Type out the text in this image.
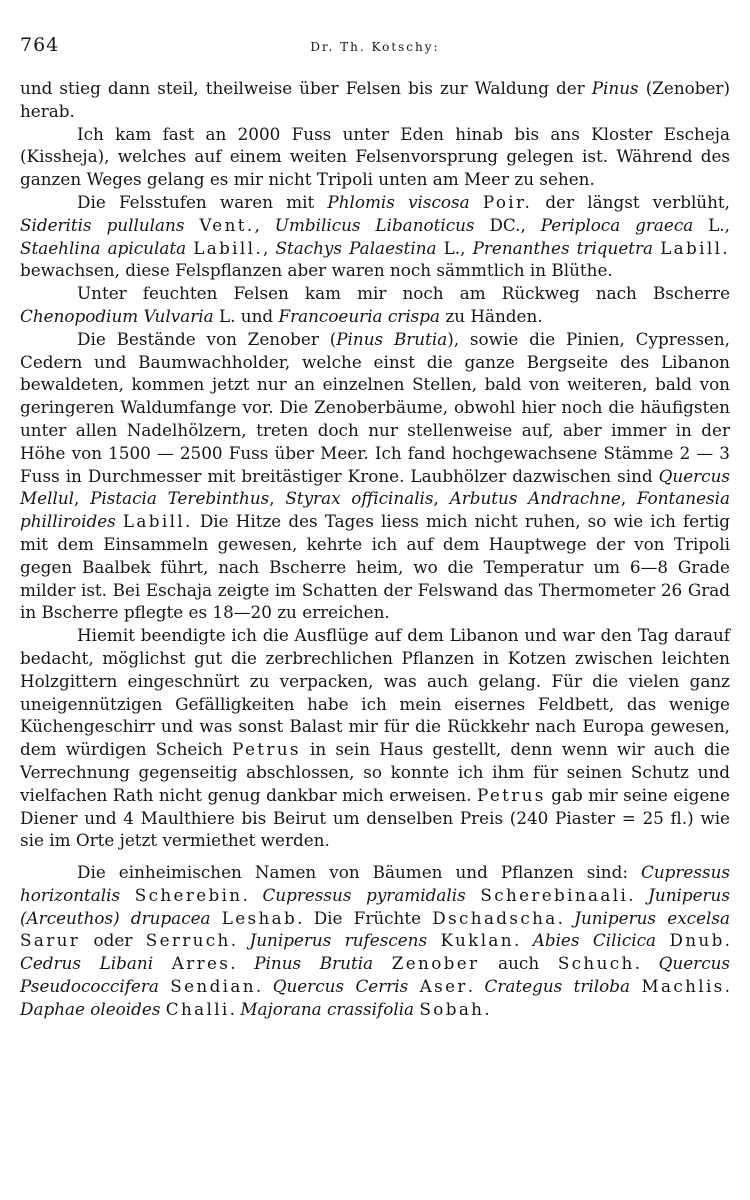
764	Dr. Th. Kotschy:

und stieg dann steil, theilweise über Felsen bis zur Waldung der Pinus (Zenober) herab.

Ich kam fast an 2000 Fuss unter Eden hinab bis ans Kloster Escheja (Kissheja), welches auf einem weiten Felsenvorsprung gelegen ist. Während des ganzen Weges gelang es mir nicht Tripoli unten am Meer zu sehen.

Die Felsstufen waren mit Phlomis viscosa Poir. der längst verblüht, Sideritis pullulans Vent., Umbilicus Libanoticus DC., Periploca graeca L., Staehlina apiculata Labill., Stachys Palaestina L., Prenanthes triquetra Labill. bewachsen, diese Felspflanzen aber waren noch sämmtlich in Blüthe.

Unter feuchten Felsen kam mir noch am Rückweg nach Bscherre Chenopodium Vulvaria L. und Francoeuria crispa zu Händen.

Die Bestände von Zenober (Pinus Brutia), sowie die Pinien, Cypressen, Cedern und Baumwachholder, welche einst die ganze Bergseite des Libanon bewaldeten, kommen jetzt nur an einzelnen Stellen, bald von weiteren, bald von geringeren Waldumfange vor. Die Zenoberbäume, obwohl hier noch die häufigsten unter allen Nadelhölzern, treten doch nur stellenweise auf, aber immer in der Höhe von 1500 — 2500 Fuss über Meer. Ich fand hochgewachsene Stämme 2 — 3 Fuss in Durchmesser mit breitästiger Krone. Laubhölzer dazwischen sind Quercus Mellul, Pistacia Terebinthus, Styrax officinalis, Arbutus Andrachne, Fontanesia philliroides Labill. Die Hitze des Tages liess mich nicht ruhen, so wie ich fertig mit dem Einsammeln gewesen, kehrte ich auf dem Hauptwege der von Tripoli gegen Baalbek führt, nach Bscherre heim, wo die Temperatur um 6—8 Grade milder ist. Bei Eschaja zeigte im Schatten der Felswand das Thermometer 26 Grad in Bscherre pflegte es 18—20 zu erreichen.

Hiemit beendigte ich die Ausflüge auf dem Libanon und war den Tag darauf bedacht, möglichst gut die zerbrechlichen Pflanzen in Kotzen zwischen leichten Holzgittern eingeschnürt zu verpacken, was auch gelang. Für die vielen ganz uneigennützigen Gefälligkeiten habe ich mein eisernes Feldbett, das wenige Küchengeschirr und was sonst Balast mir für die Rückkehr nach Europa gewesen, dem würdigen Scheich Petrus in sein Haus gestellt, denn wenn wir auch die Verrechnung gegenseitig abschlossen, so konnte ich ihm für seinen Schutz und vielfachen Rath nicht genug dankbar mich erweisen. Petrus gab mir seine eigene Diener und 4 Maulthiere bis Beirut um denselben Preis (240 Piaster = 25 fl.) wie sie im Orte jetzt vermiethet werden.

Die einheimischen Namen von Bäumen und Pflanzen sind: Cupressus horizontalis Scherebin. Cupressus pyramidalis Scherebinaali. Juniperus (Arceuthos) drupacea Leshab. Die Früchte Dschadscha. Juniperus excelsa Sarur oder Serruch. Juniperus rufescens Kuklan. Abies Cilicica Dnub. Cedrus Libani Arres. Pinus Brutia Zenober auch Schuch. Quercus Pseudococcifera Sendian. Quercus Cerris Aser. Crategus triloba Machlis. Daphae oleoides Challi. Majorana crassifolia Sobah.
